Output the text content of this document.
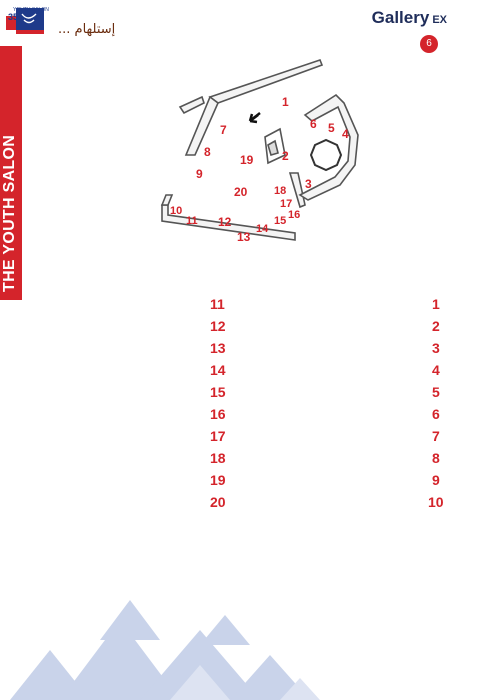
THE YOUTH SALON
35
YOUTH SALON
إستلهام ...
Gallery EX
6
1
2
3
4
5
6
7
8
9
10
11 12
13
14
15 16
17
18
19
20
1
2
3
4
5
6
7
8
9
10
11
12
13
14
15
16
17
18
19
20
